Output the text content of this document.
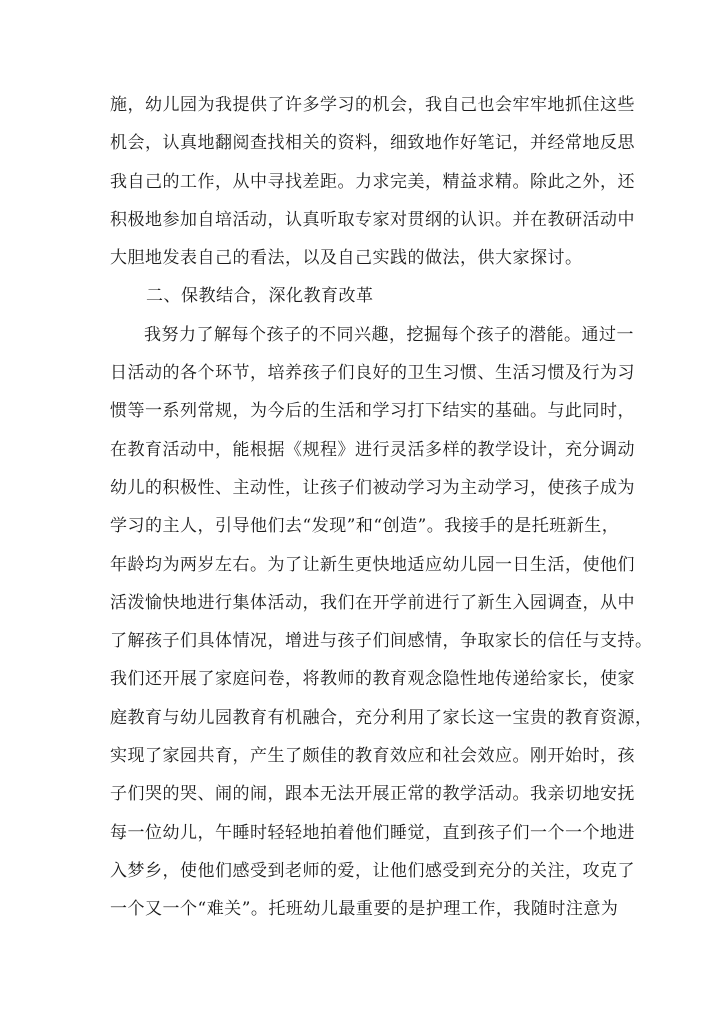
施，幼儿园为我提供了许多学习的机会，我自己也会牢牢地抓住这些
机会，认真地翻阅查找相关的资料，细致地作好笔记，并经常地反思
我自己的工作，从中寻找差距。力求完美，精益求精。除此之外，还
积极地参加自培活动，认真听取专家对贯纲的认识。并在教研活动中
大胆地发表自己的看法，以及自己实践的做法，供大家探讨。
二、保教结合，深化教育改革
我努力了解每个孩子的不同兴趣，挖掘每个孩子的潜能。通过一
日活动的各个环节，培养孩子们良好的卫生习惯、生活习惯及行为习
惯等一系列常规，为今后的生活和学习打下结实的基础。与此同时，
在教育活动中，能根据《规程》进行灵活多样的教学设计，充分调动
幼儿的积极性、主动性，让孩子们被动学习为主动学习，使孩子成为
学习的主人，引导他们去“发现”和“创造”。我接手的是托班新生，
年龄均为两岁左右。为了让新生更快地适应幼儿园一日生活，使他们
活泼愉快地进行集体活动，我们在开学前进行了新生入园调查，从中
了解孩子们具体情况，增进与孩子们间感情，争取家长的信任与支持。
我们还开展了家庭问卷，将教师的教育观念隐性地传递给家长，使家
庭教育与幼儿园教育有机融合，充分利用了家长这一宝贵的教育资源，
实现了家园共育，产生了颇佳的教育效应和社会效应。刚开始时，孩
子们哭的哭、闹的闹，跟本无法开展正常的教学活动。我亲切地安抚
每一位幼儿，午睡时轻轻地拍着他们睡觉，直到孩子们一个一个地进
入梦乡，使他们感受到老师的爱，让他们感受到充分的关注，攻克了
一个又一个“难关”。托班幼儿最重要的是护理工作，我随时注意为
